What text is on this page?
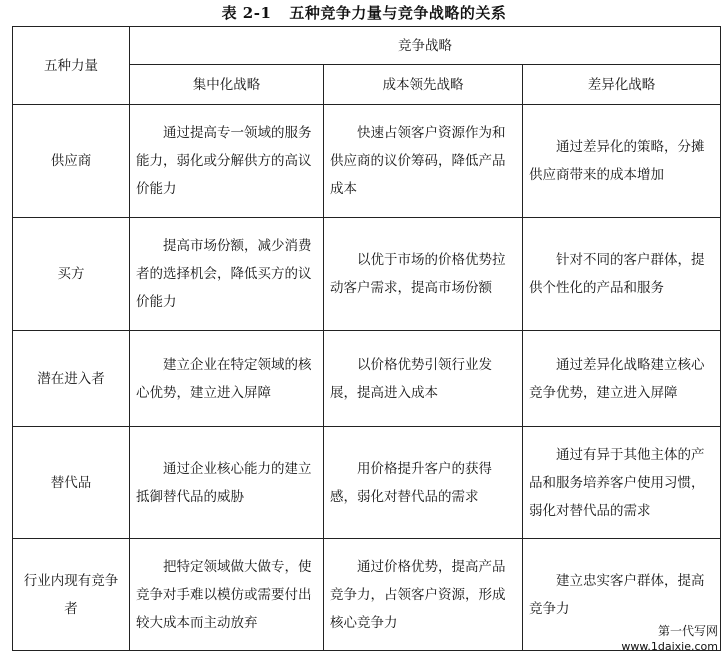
表 2-1 五种竞争力量与竞争战略的关系
五种力量	竞争战略		
	集中化战略	成本领先战略	差异化战略
供应商	通过提高专一领域的服务能力，弱化或分解供方的高议价能力	快速占领客户资源作为和供应商的议价筹码，降低产品成本	通过差异化的策略，分摊供应商带来的成本增加
买方	提高市场份额，减少消费者的选择机会，降低买方的议价能力	以优于市场的价格优势拉动客户需求，提高市场份额	针对不同的客户群体，提供个性化的产品和服务
潜在进入者	建立企业在特定领域的核心优势，建立进入屏障	以价格优势引领行业发展，提高进入成本	通过差异化战略建立核心竞争优势，建立进入屏障
替代品	通过企业核心能力的建立抵御替代品的威胁	用价格提升客户的获得感，弱化对替代品的需求	通过有异于其他主体的产品和服务培养客户使用习惯，弱化对替代品的需求
行业内现有竞争者	把特定领域做大做专，使竞争对手难以模仿或需要付出较大成本而主动放弃	通过价格优势，提高产品竞争力，占领客户资源，形成核心竞争力	建立忠实客户群体，提高竞争力
第一代写网
www.1daixie.com
